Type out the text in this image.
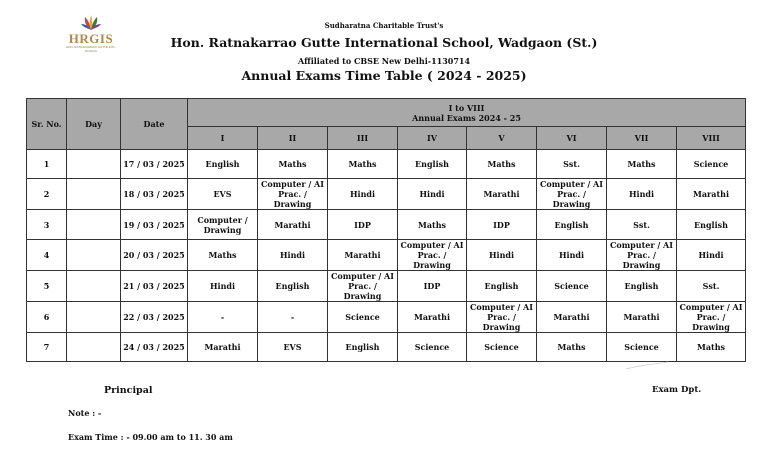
HRGIS
HON. RATNAKARRAO GUTTE INTL. SCHOOL
Sudharatna Charitable Trust's
Hon. Ratnakarrao Gutte International School, Wadgaon (St.)
Affiliated to CBSE New Delhi-1130714
Annual Exams Time Table ( 2024 - 2025)
Sr. No.	Day	Date	I to VIII
Annual Exams 2024 - 25							

			I	II	III	IV	V	VI	VII	VIII
1		17 / 03 / 2025	English	Maths	Maths	English	Maths	Sst.	Maths	Science
2		18 / 03 / 2025	EVS	Computer / AI
Prac. / Drawing	Hindi	Hindi	Marathi	Computer / AI
Prac. / Drawing	Hindi	Marathi
3		19 / 03 / 2025	Computer /
Drawing	Marathi	IDP	Maths	IDP	English	Sst.	English
4		20 / 03 / 2025	Maths	Hindi	Marathi	Computer / AI
Prac. / Drawing	Hindi	Hindi	Computer / AI
Prac. / Drawing	Hindi
5		21 / 03 / 2025	Hindi	English	Computer / AI
Prac. / Drawing	IDP	English	Science	English	Sst.
6		22 / 03 / 2025	-	-	Science	Marathi	Computer / AI
Prac. / Drawing	Marathi	Marathi	Computer / AI
Prac. / Drawing
7		24 / 03 / 2025	Marathi	EVS	English	Science	Science	Maths	Science	Maths
Principal	Exam Dpt.
Note : -
Exam Time : - 09.00 am to 11. 30 am
